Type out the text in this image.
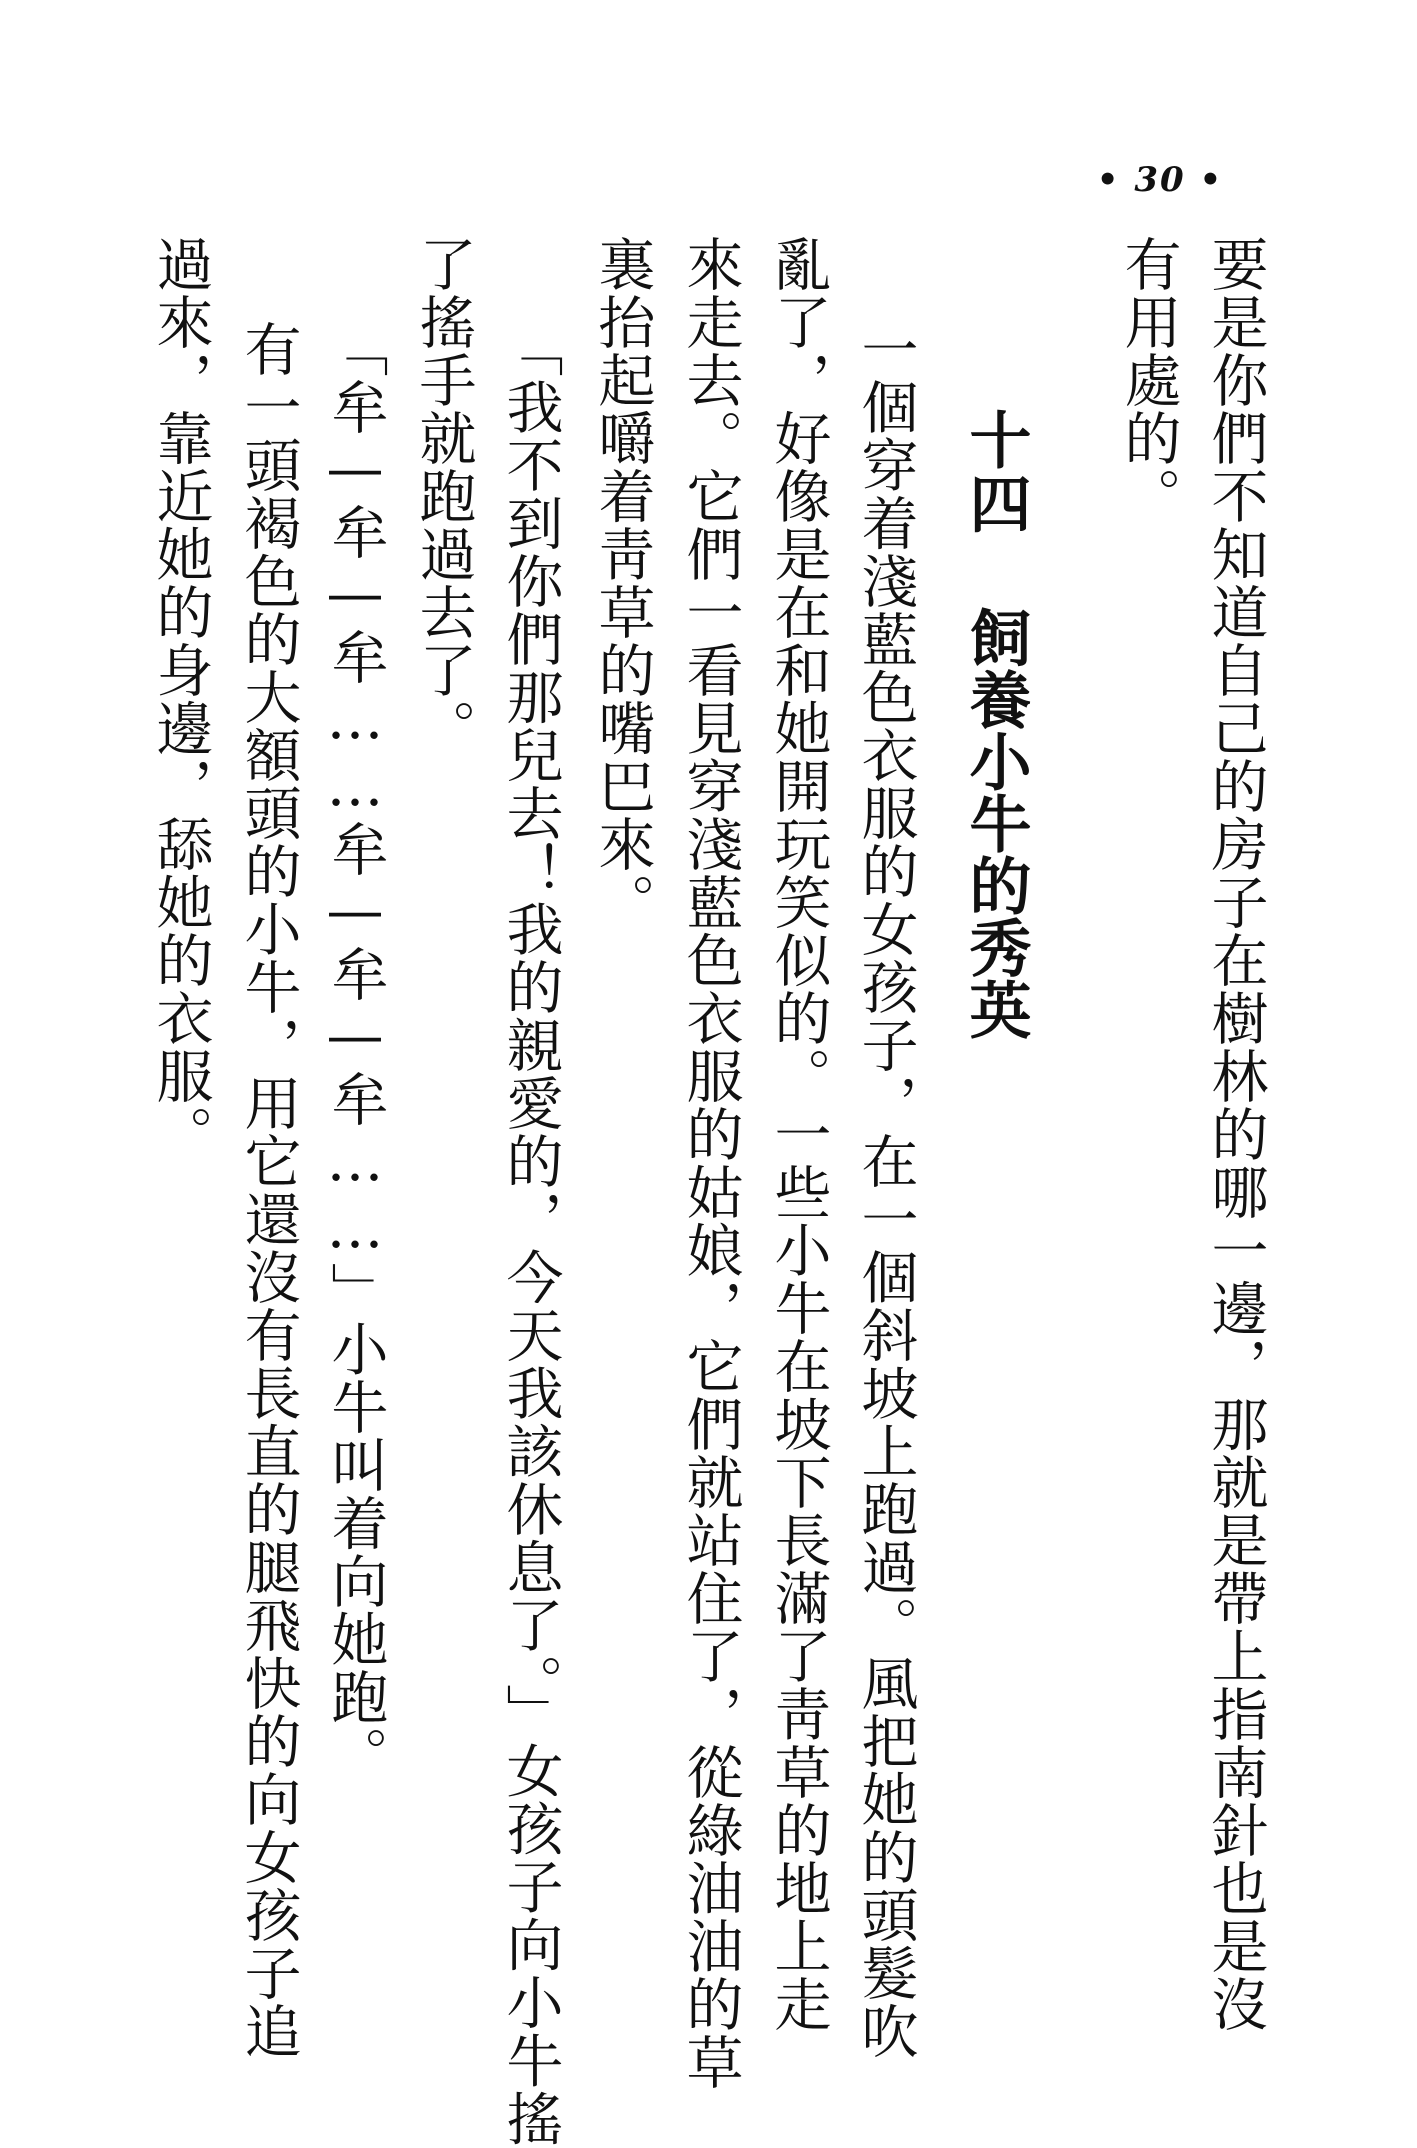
• 30 •
要是你們不知道自己的房子在樹林的哪一邊，那就是帶上指南針也是沒
有用處的。
十四飼養小牛的秀英
一個穿着淺藍色衣服的女孩子，在一個斜坡上跑過。風把她的頭髮吹
亂了，好像是在和她開玩笑似的。一些小牛在坡下長滿了靑草的地上走
來走去。它們一看見穿淺藍色衣服的姑娘，它們就站住了，從綠油油的草
裏抬起嚼着靑草的嘴巴來。
「我不到你們那兒去！我的親愛的，今天我該休息了。」女孩子向小牛搖
了搖手就跑過去了。
「牟—牟—牟……牟—牟—牟……」小牛叫着向她跑。
有一頭褐色的大額頭的小牛，用它還沒有長直的腿飛快的向女孩子追
過來，靠近她的身邊，舔她的衣服。
